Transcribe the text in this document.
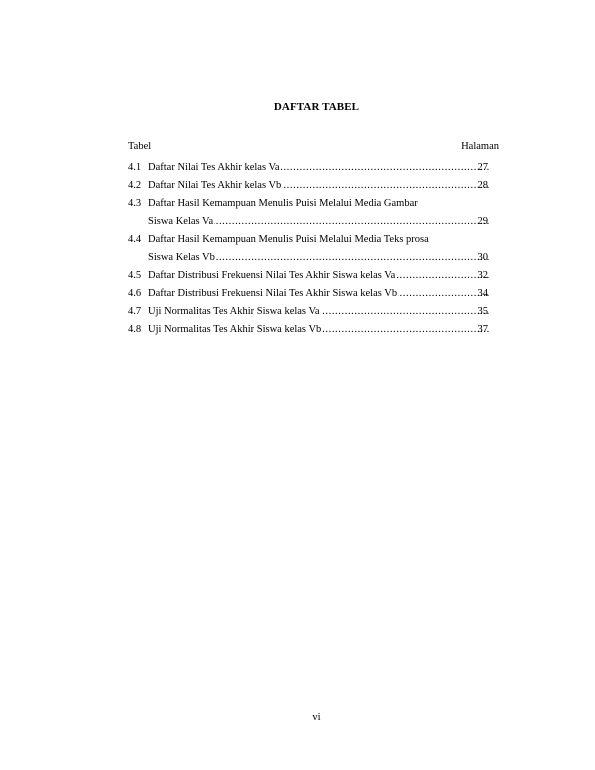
DAFTAR TABEL
Tabel	Halaman
4.1 Daftar Nilai Tes Akhir kelas Va .....	27
4.2 Daftar Nilai Tes Akhir kelas Vb .....	28
4.3 Daftar Hasil Kemampuan Menulis Puisi Melalui Media Gambar
Siswa Kelas Va .....	29
4.4 Daftar Hasil Kemampuan Menulis Puisi Melalui Media Teks prosa
Siswa Kelas Vb .....	30
4.5 Daftar Distribusi Frekuensi Nilai Tes Akhir Siswa kelas Va .....	32
4.6 Daftar Distribusi Frekuensi Nilai Tes Akhir Siswa kelas Vb .....	34
4.7 Uji Normalitas Tes Akhir Siswa kelas Va .....	35
4.8 Uji Normalitas Tes Akhir Siswa kelas Vb .....	37
vi
